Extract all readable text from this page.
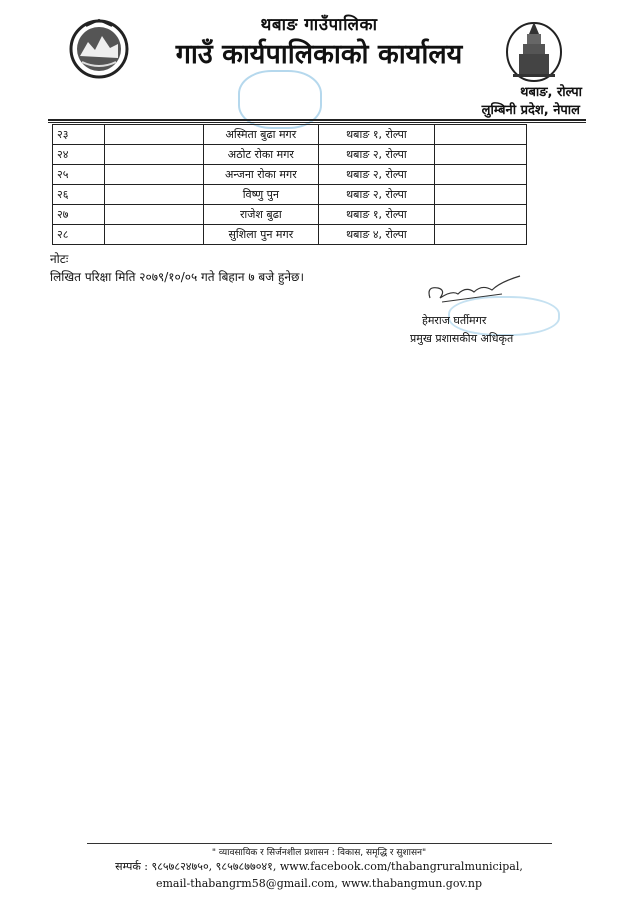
थबाङ गाउँपालिका
गाउँ कार्यपालिकाको कार्यालय
थबाङ, रोल्पा
लुम्बिनी प्रदेश, नेपाल
२३		अस्मिता बुढा मगर	थबाङ १, रोल्पा	
२४		अठोट रोका मगर	थबाङ २, रोल्पा	
२५		अन्जना रोका मगर	थबाङ २, रोल्पा	
२६		विष्णु पुन	थबाङ २, रोल्पा	
२७		राजेश बुढा	थबाङ १, रोल्पा	
२८		सुशिला पुन मगर	थबाङ ४, रोल्पा	
नोटः
लिखित परिक्षा मिति २०७९/१०/०५ गते बिहान ७ बजे हुनेछ।
हेमराज घर्तीमगर
प्रमुख प्रशासकीय अधिकृत
" व्यावसायिक र सिर्जनशील प्रशासन : विकास, समृद्धि र सुशासन"
सम्पर्क : ९८५७८२४७५०, ९८५७८७७०४१, www.facebook.com/thabangruralmunicipal,
email-thabangrm58@gmail.com, www.thabangmun.gov.np
